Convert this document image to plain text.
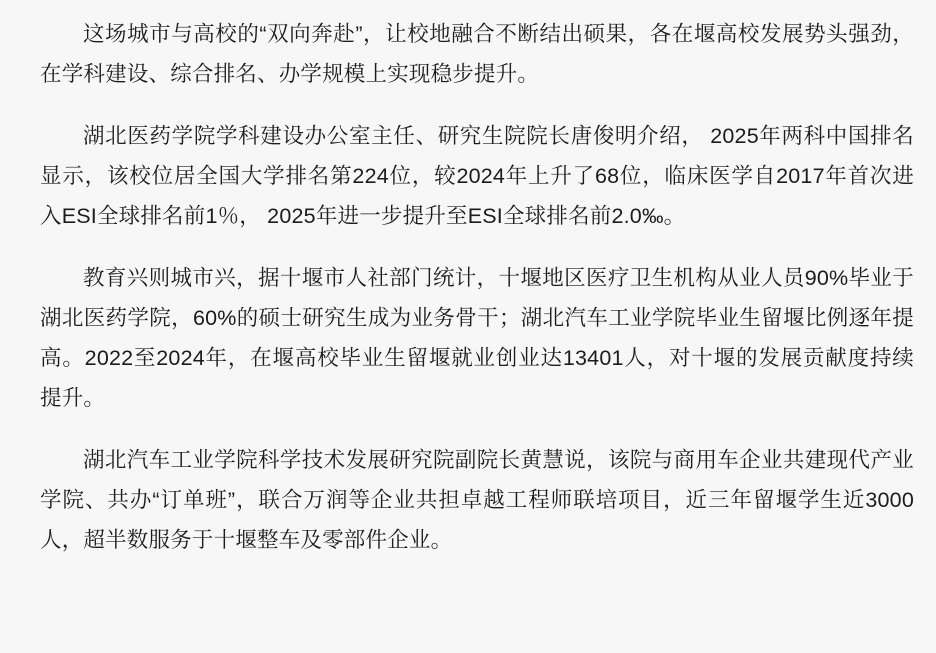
这场城市与高校的“双向奔赴”，让校地融合不断结出硕果，各在堰高校发展势头强劲，在学科建设、综合排名、办学规模上实现稳步提升。

湖北医药学院学科建设办公室主任、研究生院院长唐俊明介绍， 2025年两科中国排名显示，该校位居全国大学排名第224位，较2024年上升了68位，临床医学自2017年首次进入ESI全球排名前1％， 2025年进一步提升至ESI全球排名前2.0‰。

教育兴则城市兴，据十堰市人社部门统计，十堰地区医疗卫生机构从业人员90%毕业于湖北医药学院，60%的硕士研究生成为业务骨干；湖北汽车工业学院毕业生留堰比例逐年提高。2022至2024年，在堰高校毕业生留堰就业创业达13401人，对十堰的发展贡献度持续提升。

湖北汽车工业学院科学技术发展研究院副院长黄慧说，该院与商用车企业共建现代产业学院、共办“订单班”，联合万润等企业共担卓越工程师联培项目，近三年留堰学生近3000人，超半数服务于十堰整车及零部件企业。
